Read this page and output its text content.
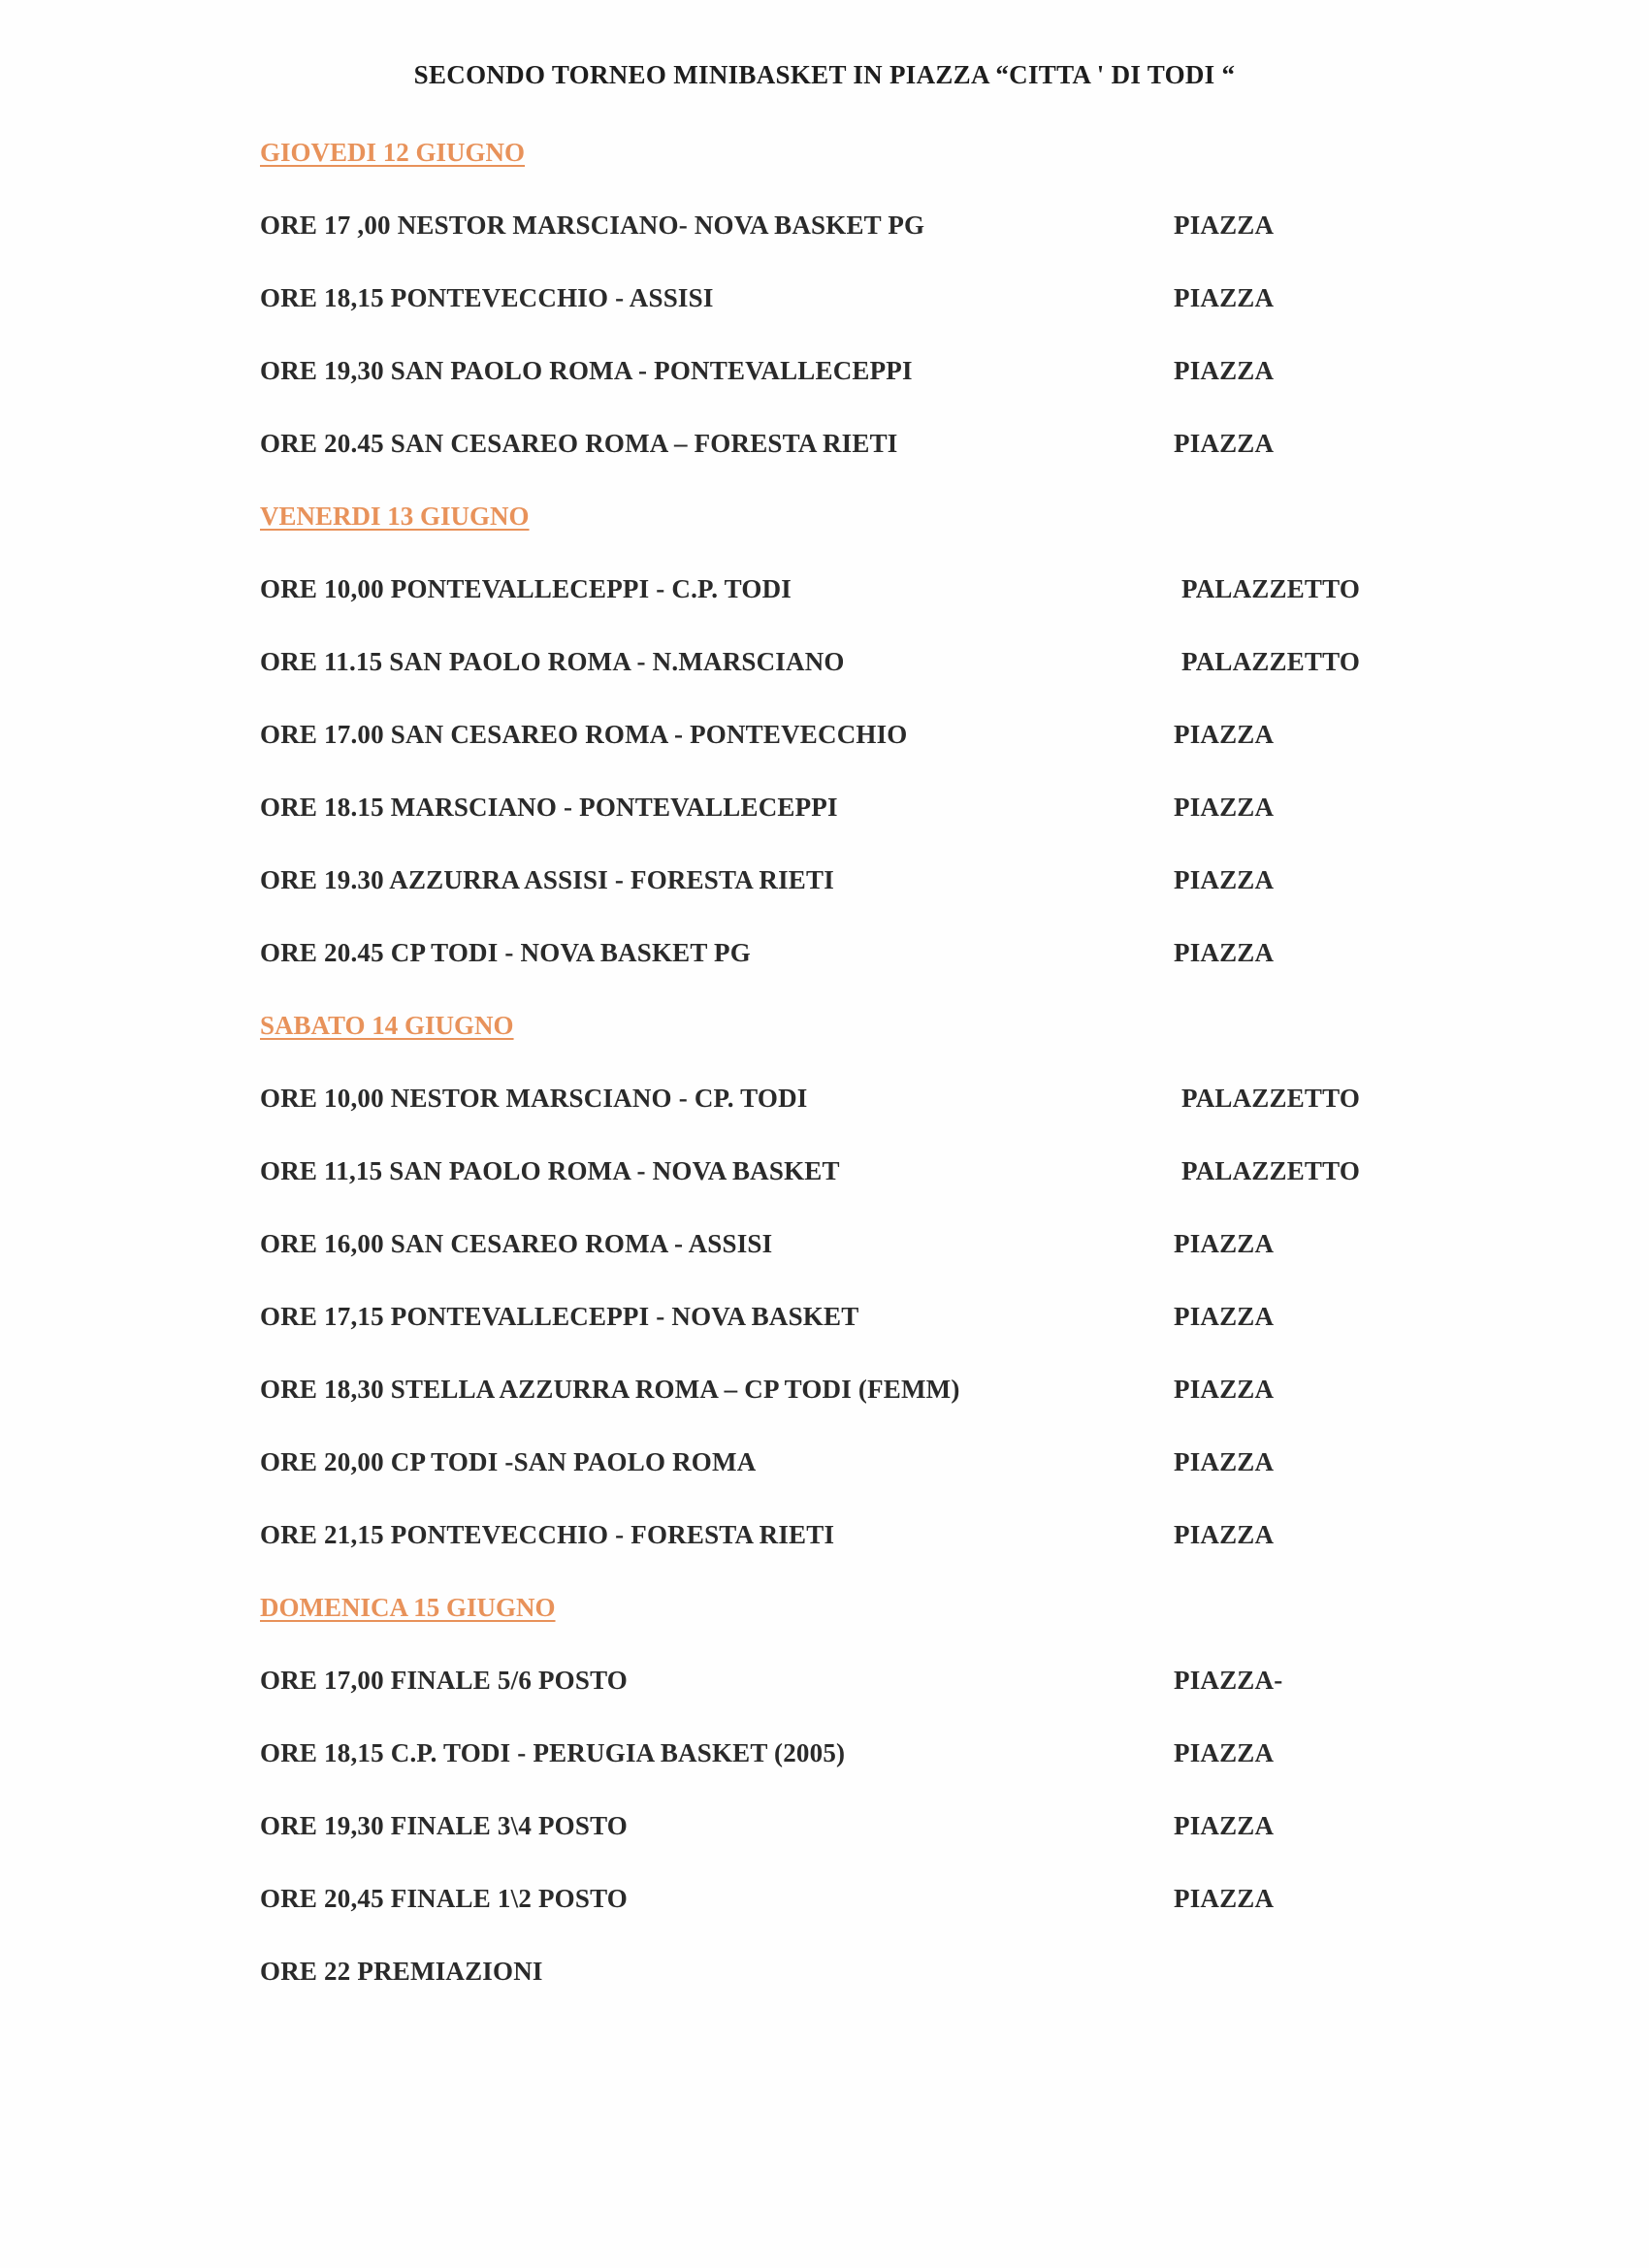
SECONDO TORNEO MINIBASKET IN PIAZZA “CITTA ' DI TODI “
GIOVEDI 12 GIUGNO
ORE 17 ,00 NESTOR MARSCIANO- NOVA BASKET PG	PIAZZA
ORE 18,15 PONTEVECCHIO - ASSISI	PIAZZA
ORE 19,30 SAN PAOLO ROMA - PONTEVALLECEPPI	PIAZZA
ORE 20.45 SAN CESAREO ROMA – FORESTA RIETI	PIAZZA
VENERDI 13 GIUGNO
ORE 10,00 PONTEVALLECEPPI - C.P. TODI	PALAZZETTO
ORE 11.15 SAN PAOLO ROMA - N.MARSCIANO	PALAZZETTO
ORE 17.00 SAN CESAREO ROMA - PONTEVECCHIO	PIAZZA
ORE 18.15 MARSCIANO - PONTEVALLECEPPI	PIAZZA
ORE 19.30 AZZURRA ASSISI - FORESTA RIETI	PIAZZA
ORE 20.45 CP TODI - NOVA BASKET PG	PIAZZA
SABATO 14 GIUGNO
ORE 10,00 NESTOR MARSCIANO - CP. TODI	PALAZZETTO
ORE 11,15 SAN PAOLO ROMA - NOVA BASKET	PALAZZETTO
ORE 16,00 SAN CESAREO ROMA - ASSISI	PIAZZA
ORE 17,15 PONTEVALLECEPPI - NOVA BASKET	PIAZZA
ORE 18,30 STELLA AZZURRA ROMA – CP TODI (FEMM)	PIAZZA
ORE 20,00 CP TODI -SAN PAOLO ROMA	PIAZZA
ORE 21,15 PONTEVECCHIO - FORESTA RIETI	PIAZZA
DOMENICA 15 GIUGNO
ORE 17,00 FINALE 5/6 POSTO	PIAZZA-
ORE 18,15 C.P. TODI - PERUGIA BASKET (2005)	PIAZZA
ORE 19,30 FINALE 3\4 POSTO	PIAZZA
ORE 20,45 FINALE 1\2 POSTO	PIAZZA
ORE 22 PREMIAZIONI
